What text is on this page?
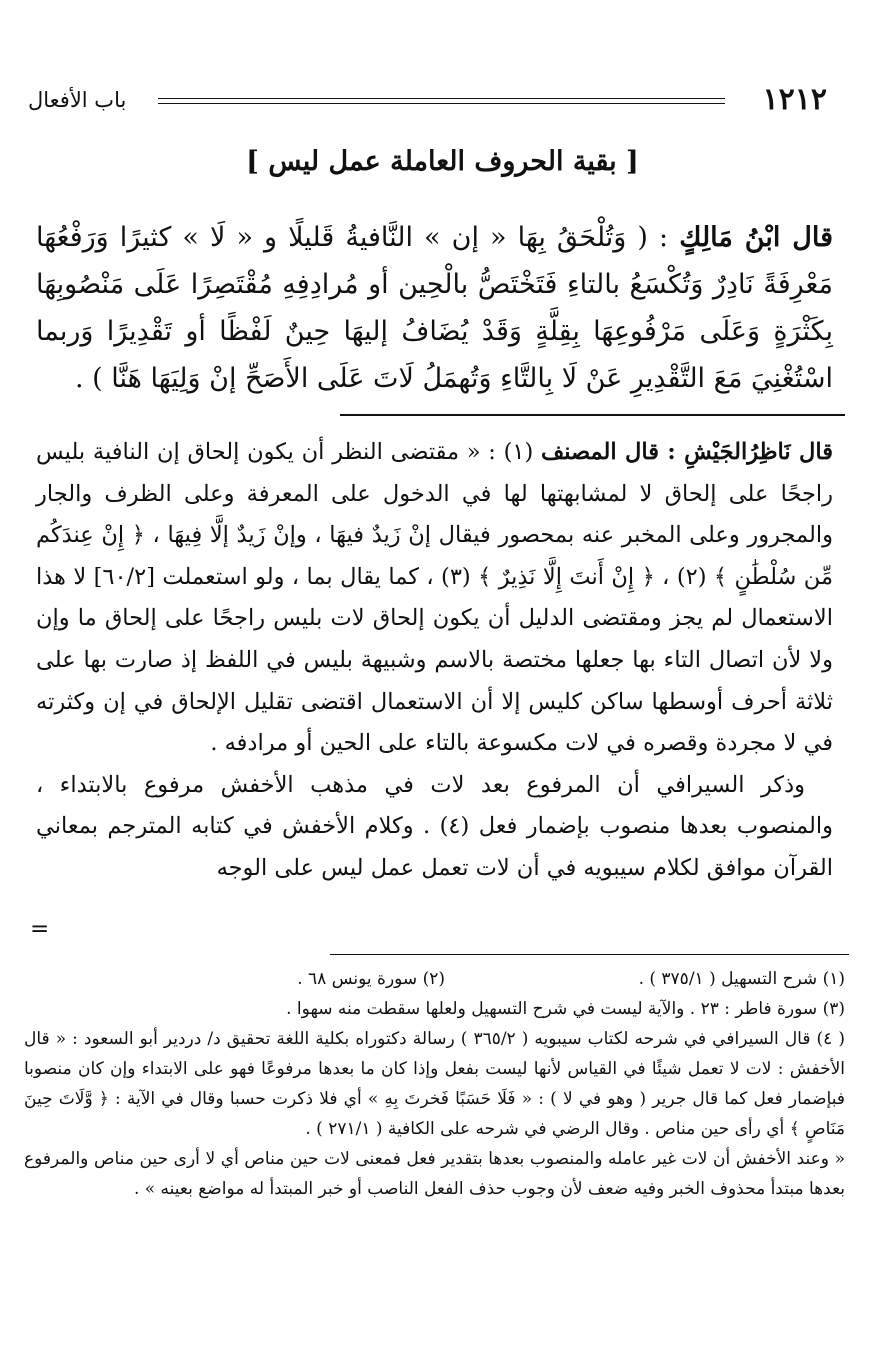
١٢١٢
باب الأفعال
[ بقية الحروف العاملة عمل ليس ]
قال ابْنُ مَالِكٍ : ( وَتُلْحَقُ بِهَا « إن » النَّافيةُ قَليلًا و « لَا » كثيرًا وَرَفْعُهَا مَعْرِفَةً نَادِرٌ وَتُكْسَعُ بالتاءِ فَتَخْتَصُّ بالْحِين أو مُرادِفِهِ مُقْتَصِرًا عَلَى مَنْصُوبِهَا بِكَثْرَةٍ وَعَلَى مَرْفُوعِهَا بِقِلَّةٍ وَقَدْ يُضَافُ إليهَا حِينٌ لَفْظًا أو تَقْدِيرًا وَربما اسْتُغْنِيَ مَعَ التَّقْدِيرِ عَنْ لَا بِالتَّاءِ وَتُهمَلُ لَاتَ عَلَى الأَصَحِّ إنْ وَلِيَهَا هَنَّا ) .

قال نَاظِرُالجَيْشِ : قال المصنف (١) : « مقتضى النظر أن يكون إلحاق إن النافية بليس راجحًا على إلحاق لا لمشابهتها لها في الدخول على المعرفة وعلى الظرف والجار والمجرور وعلى المخبر عنه بمحصور فيقال إنْ زَيدٌ فيهَا ، وإنْ زَيدٌ إلَّا فِيهَا ، ﴿ إِنْ عِندَكُم مِّن سُلْطَٰنٍ ﴾ (٢) ، ﴿ إِنْ أَنتَ إِلَّا نَذِيرٌ ﴾ (٣) ، كما يقال بما ، ولو استعملت [٦٠/٢] لا هذا الاستعمال لم يجز ومقتضى الدليل أن يكون إلحاق لات بليس راجحًا على إلحاق ما وإن ولا لأن اتصال التاء بها جعلها مختصة بالاسم وشبيهة بليس في اللفظ إذ صارت بها على ثلاثة أحرف أوسطها ساكن كليس إلا أن الاستعمال اقتضى تقليل الإلحاق في إن وكثرته في لا مجردة وقصره في لات مكسوعة بالتاء على الحين أو مرادفه .

وذكر السيرافي أن المرفوع بعد لات في مذهب الأخفش مرفوع بالابتداء ، والمنصوب بعدها منصوب بإضمار فعل (٤) . وكلام الأخفش في كتابه المترجم بمعاني القرآن موافق لكلام سيبويه في أن لات تعمل عمل ليس على الوجه

=
(١) شرح التسهيل ( ٣٧٥/١ ) .
(٢) سورة يونس ٦٨ .

(٣) سورة فاطر : ٢٣ . والآية ليست في شرح التسهيل ولعلها سقطت منه سهوا .

( ٤) قال السيرافي في شرحه لكتاب سيبويه ( ٣٦٥/٢ ) رسالة دكتوراه بكلية اللغة تحقيق د/ دردير أبو السعود : « قال الأخفش : لات لا تعمل شيئًا في القياس لأنها ليست بفعل وإذا كان ما بعدها مرفوعًا فهو على الابتداء وإن كان منصوبا فبإضمار فعل كما قال جرير ( وهو في لا ) : « فَلَا حَسَبًا فَخرتَ بِهِ » أي فلا ذكرت حسبا وقال في الآية : ﴿ وَّلَاتَ حِينَ مَنَاصٍ ﴾ أي رأى حين مناص . وقال الرضي في شرحه على الكافية ( ٢٧١/١ ) .

« وعند الأخفش أن لات غير عامله والمنصوب بعدها بتقدير فعل فمعنى لات حين مناص أي لا أرى حين مناص والمرفوع بعدها مبتدأ محذوف الخبر وفيه ضعف لأن وجوب حذف الفعل الناصب أو خبر المبتدأ له مواضع بعينه » .
